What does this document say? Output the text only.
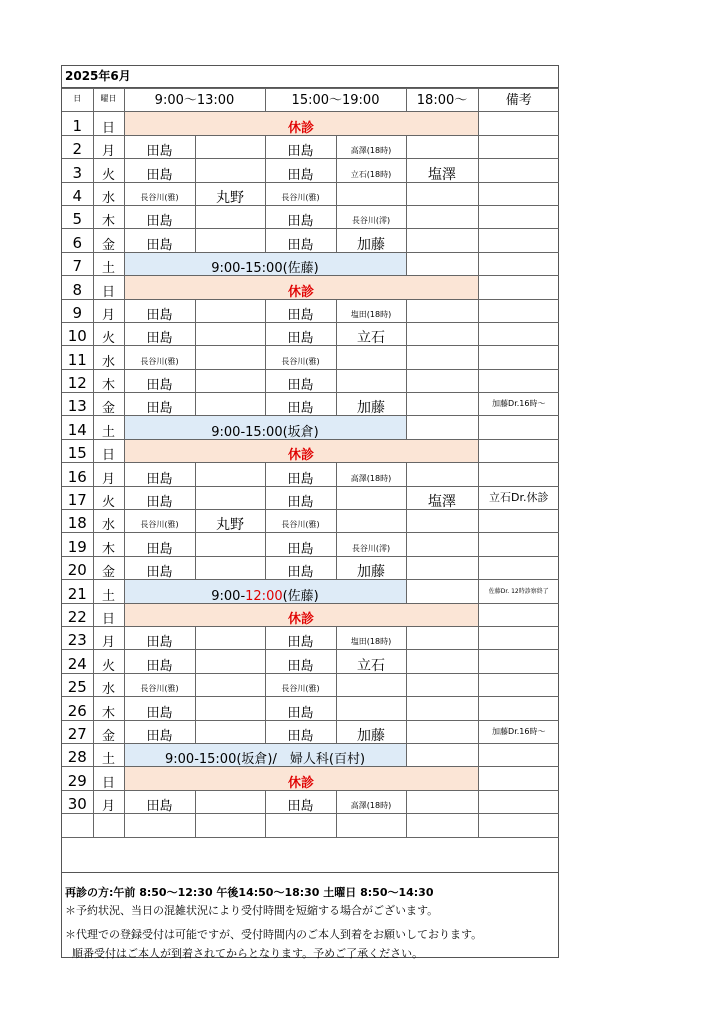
2025年6月
日	曜日	9:00～13:00		15:00～19:00		18:00～	備考
1	日	休診					
2	月	田島		田島	高澤(18時)		
3	火	田島		田島	立石(18時)	塩澤	
4	水	長谷川(雅)	丸野	長谷川(雅)			
5	木	田島		田島	長谷川(澪)		
6	金	田島		田島	加藤		
7	土	9:00-15:00(佐藤)					
8	日	休診					
9	月	田島		田島	塩田(18時)		
10	火	田島		田島	立石		
11	水	長谷川(雅)		長谷川(雅)			
12	木	田島		田島			
13	金	田島		田島	加藤		加藤Dr.16時～
14	土	9:00-15:00(坂倉)					
15	日	休診					
16	月	田島		田島	高澤(18時)		
17	火	田島		田島		塩澤	立石Dr.休診
18	水	長谷川(雅)	丸野	長谷川(雅)			
19	木	田島		田島	長谷川(澪)		
20	金	田島		田島	加藤		
21	土	9:00-12:00(佐藤)					佐藤Dr. 12時診察終了
22	日	休診					
23	月	田島		田島	塩田(18時)		
24	火	田島		田島	立石		
25	水	長谷川(雅)		長谷川(雅)			
26	木	田島		田島			
27	金	田島		田島	加藤		加藤Dr.16時～
28	土	9:00-15:00(坂倉)/　婦人科(百村)					
29	日	休診					
30	月	田島		田島	高澤(18時)		

再診の方:午前 8:50～12:30 午後14:50～18:30 土曜日 8:50～14:30
＊予約状況、当日の混雑状況により受付時間を短縮する場合がございます。
＊代理での登録受付は可能ですが、受付時間内のご本人到着をお願いしております。
順番受付はご本人が到着されてからとなります。予めご了承ください。
